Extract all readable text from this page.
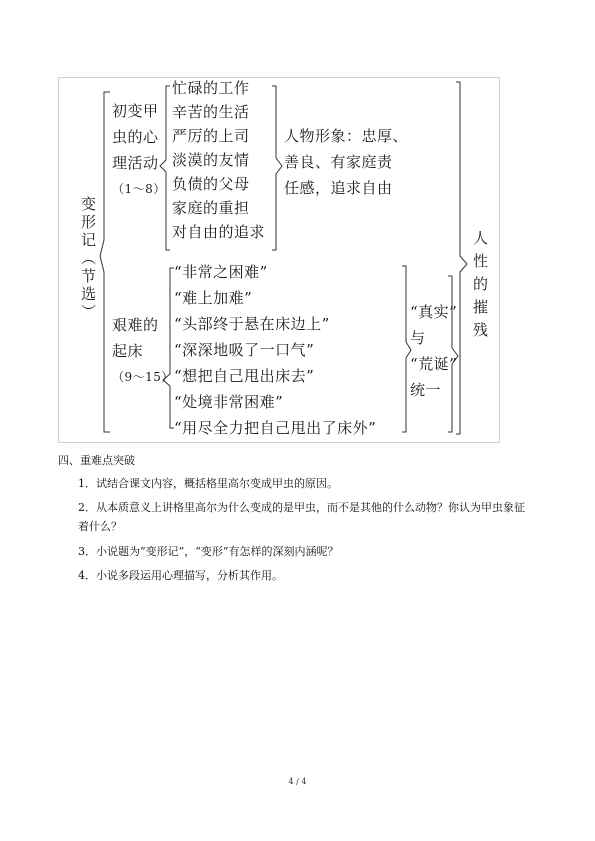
变形记（节选）
初变甲
虫的心
理活动
（1～8）
忙碌的工作
辛苦的生活
严厉的上司
淡漠的友情
负债的父母
家庭的重担
对自由的追求
人物形象：忠厚、
善良、有家庭责
任感，追求自由
艰难的
起床
（9～15）
“非常之困难”
“难上加难”
“头部终于悬在床边上”
“深深地吸了一口气”
“想把自己甩出床去”
“处境非常困难”
“用尽全力把自己甩出了床外”
“真实”
与
“荒诞”
统一
人性的摧残
四、重难点突破
1．试结合课文内容，概括格里高尔变成甲虫的原因。
2．从本质意义上讲格里高尔为什么变成的是甲虫，而不是其他的什么动物？你认为甲虫象征着什么？
3．小说题为“变形记”，“变形”有怎样的深刻内涵呢？
4．小说多段运用心理描写，分析其作用。
4 / 4
